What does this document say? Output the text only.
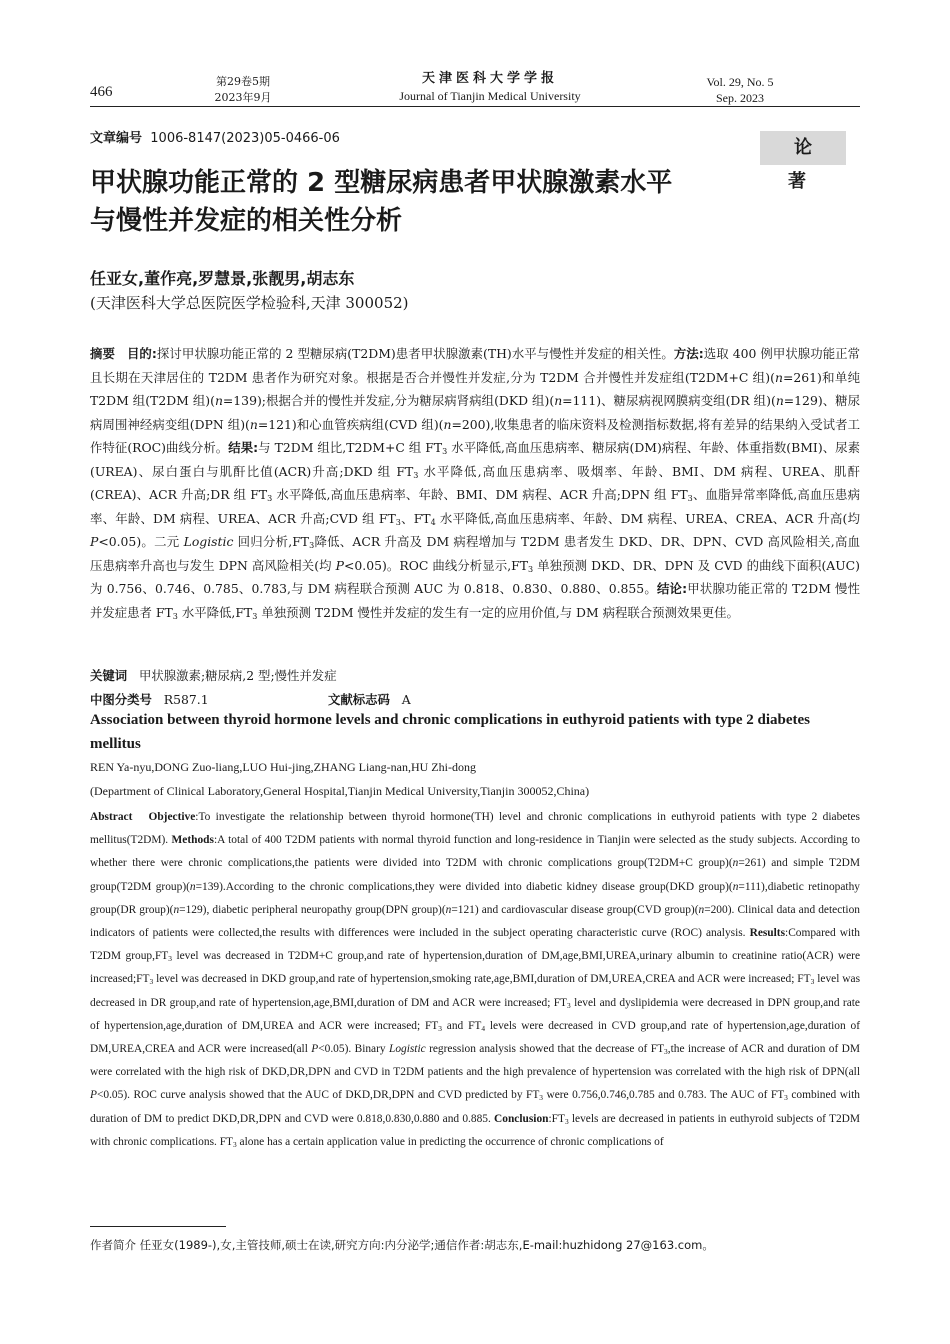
466
第29卷5期
2023年9月
天津医科大学学报
Journal of Tianjin Medical University
Vol. 29, No. 5
Sep. 2023
文章编号 1006-8147(2023)05-0466-06	论 著
甲状腺功能正常的 2 型糖尿病患者甲状腺激素水平
与慢性并发症的相关性分析
任亚女,董作亮,罗慧景,张靓男,胡志东
(天津医科大学总医院医学检验科,天津 300052)
摘要 目的:探讨甲状腺功能正常的 2 型糖尿病(T2DM)患者甲状腺激素(TH)水平与慢性并发症的相关性。方法:选取 400 例甲状腺功能正常且长期在天津居住的 T2DM 患者作为研究对象。根据是否合并慢性并发症,分为 T2DM 合并慢性并发症组(T2DM+C 组)(n=261)和单纯 T2DM 组(T2DM 组)(n=139);根据合并的慢性并发症,分为糖尿病肾病组(DKD 组)(n=111)、糖尿病视网膜病变组(DR 组)(n=129)、糖尿病周围神经病变组(DPN 组)(n=121)和心血管疾病组(CVD 组)(n=200),收集患者的临床资料及检测指标数据,将有差异的结果纳入受试者工作特征(ROC)曲线分析。结果:与 T2DM 组比,T2DM+C 组 $FT_3$ 水平降低,高血压患病率、糖尿病(DM)病程、年龄、体重指数(BMI)、尿素(UREA)、尿白蛋白与肌酐比值(ACR)升高;DKD 组 $FT_3$ 水平降低,高血压患病率、吸烟率、年龄、BMI、DM 病程、UREA、肌酐(CREA)、ACR 升高;DR 组 $FT_3$ 水平降低,高血压患病率、年龄、BMI、DM 病程、ACR 升高;DPN 组 $FT_3$、血脂异常率降低,高血压患病率、年龄、DM 病程、UREA、ACR 升高;CVD 组 $FT_3$、$FT_4$ 水平降低,高血压患病率、年龄、DM 病程、UREA、CREA、ACR 升高(均 P<0.05)。二元 Logistic 回归分析$,FT_3$降低、ACR 升高及 DM 病程增加与 T2DM 患者发生 DKD、DR、DPN、CVD 高风险相关,高血压患病率升高也与发生 DPN 高风险相关(均 P<0.05)。ROC 曲线分析显示$,FT_3$ 单独预测 DKD、DR、DPN 及 CVD 的曲线下面积(AUC)为 0.756、0.746、0.785、0.783,与 DM 病程联合预测 AUC 为 0.818、0.830、0.880、0.855。结论:甲状腺功能正常的 T2DM 慢性并发症患者 $FT_3$ 水平降低$,FT_3$ 单独预测 T2DM 慢性并发症的发生有一定的应用价值,与 DM 病程联合预测效果更佳。
关键词 甲状腺激素;糖尿病,2 型;慢性并发症
中图分类号 R587.1	文献标志码 A
Association between thyroid hormone levels and chronic complications in euthyroid patients with type 2 diabetes mellitus
REN Ya-nyu,DONG Zuo-liang,LUO Hui-jing,ZHANG Liang-nan,HU Zhi-dong
(Department of Clinical Laboratory,General Hospital,Tianjin Medical University,Tianjin 300052,China)
Abstract Objective:To investigate the relationship between thyroid hormone(TH) level and chronic complications in euthyroid patients with type 2 diabetes mellitus(T2DM). Methods:A total of 400 T2DM patients with normal thyroid function and long-residence in Tianjin were selected as the study subjects. According to whether there were chronic complications,the patients were divided into T2DM with chronic complications group(T2DM+C group)(n=261) and simple T2DM group(T2DM group)(n=139).According to the chronic complications,they were divided into diabetic kidney disease group(DKD group)(n=111),diabetic retinopathy group(DR group)(n=129), diabetic peripheral neuropathy group(DPN group)(n=121) and cardiovascular disease group(CVD group)(n=200). Clinical data and detection indicators of patients were collected,the results with differences were included in the subject operating characteristic curve (ROC) analysis. Results:Compared with T2DM $group,FT_3$ level was decreased in T2DM+C group,and rate of hypertension,duration of DM,age,BMI,UREA,urinary albumin to creatinine ratio(ACR) were $increased;FT_3$ level was decreased in DKD group,and rate of hypertension,smoking rate,age,BMI,duration of DM,UREA,CREA and ACR were increased; $FT_3$ level was decreased in DR group,and rate of hypertension,age,BMI,duration of DM and ACR were increased; $FT_3$ level and dyslipidemia were decreased in DPN group,and rate of hypertension,age,duration of DM,UREA and ACR were increased; $FT_3$ and $FT_4$ levels were decreased in CVD group,and rate of hypertension,age,duration of DM,UREA,CREA and ACR were increased(all P<0.05). Binary Logistic regression analysis showed that the decrease of $FT_3,the$ increase of ACR and duration of DM were correlated with the high risk of DKD,DR,DPN and CVD in T2DM patients and the high prevalence of hypertension was correlated with the high risk of DPN(all P<0.05). ROC curve analysis showed that the AUC of DKD,DR,DPN and CVD predicted by $FT_3$ were 0.756,0.746,0.785 and 0.783. The AUC of $FT_3$ combined with duration of DM to predict DKD,DR,DPN and CVD were 0.818,0.830,0.880 and 0.885. $Conclusion:FT_3$ levels are decreased in patients in euthyroid subjects of T2DM with chronic complications. $FT_3$ alone has a certain application value in predicting the occurrence of chronic complications of
作者简介 任亚女(1989-),女,主管技师,硕士在读,研究方向:内分泌学;通信作者:胡志东,E-mail:huzhidong 27@163.com。
